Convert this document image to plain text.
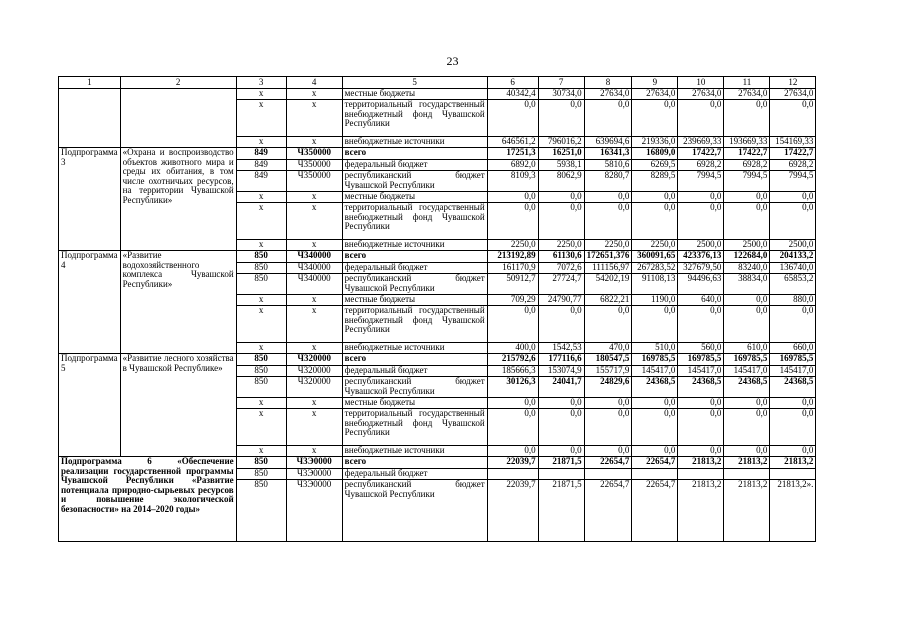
23
1	2	3	4	5	6	7	8	9	10	11	12
		х	х	местные бюджеты	40342,4	30734,0	27634,0	27634,0	27634,0	27634,0	27634,0
		х	х	территориальный государственный внебюджетный фонд Чувашской Республики	0,0	0,0	0,0	0,0	0,0	0,0	0,0
		х	х	внебюджетные источники	646561,2	796016,2	639694,6	219336,0	239669,33	193669,33	154169,33
Подпрограмма 3	«Охрана и воспроизводство объектов животного мира и среды их обитания, в том числе охотничьих ресурсов, на территории Чувашской Республики»	849	Ч350000	всего	17251,3	16251,0	16341,3	16809,0	17422,7	17422,7	17422,7
		849	Ч350000	федеральный бюджет	6892,0	5938,1	5810,6	6269,5	6928,2	6928,2	6928,2
		849	Ч350000	республиканский бюджет Чувашской Республики	8109,3	8062,9	8280,7	8289,5	7994,5	7994,5	7994,5
		х	х	местные бюджеты	0,0	0,0	0,0	0,0	0,0	0,0	0,0
		х	х	территориальный государственный внебюджетный фонд Чувашской Республики	0,0	0,0	0,0	0,0	0,0	0,0	0,0
		х	х	внебюджетные источники	2250,0	2250,0	2250,0	2250,0	2500,0	2500,0	2500,0
Подпрограмма 4	«Развитие водохозяйственного комплекса Чувашской Республики»	850	Ч340000	всего	213192,89	61130,6	172651,376	360091,65	423376,13	122684,0	204133,2
		850	Ч340000	федеральный бюджет	161170,9	7072,6	111156,97	267283,52	327679,50	83240,0	136740,0
		850	Ч340000	республиканский бюджет Чувашской Республики	50912,7	27724,7	54202,19	91108,13	94496,63	38834,0	65853,2
		х	х	местные бюджеты	709,29	24790,77	6822,21	1190,0	640,0	0,0	880,0
		х	х	территориальный государственный внебюджетный фонд Чувашской Республики	0,0	0,0	0,0	0,0	0,0	0,0	0,0
		х	х	внебюджетные источники	400,0	1542,53	470,0	510,0	560,0	610,0	660,0
Подпрограмма 5	«Развитие лесного хозяйства в Чувашской Республике»	850	Ч320000	всего	215792,6	177116,6	180547,5	169785,5	169785,5	169785,5	169785,5
		850	Ч320000	федеральный бюджет	185666,3	153074,9	155717,9	145417,0	145417,0	145417,0	145417,0
		850	Ч320000	республиканский бюджет Чувашской Республики	30126,3	24041,7	24829,6	24368,5	24368,5	24368,5	24368,5
		х	х	местные бюджеты	0,0	0,0	0,0	0,0	0,0	0,0	0,0
		х	х	территориальный государственный внебюджетный фонд Чувашской Республики	0,0	0,0	0,0	0,0	0,0	0,0	0,0
		х	х	внебюджетные источники	0,0	0,0	0,0	0,0	0,0	0,0	0,0
Подпрограмма 6 «Обеспечение реализации государственной программы Чувашской Республики «Развитие потенциала природно-сырьевых ресурсов и повышение экологической безопасности» на 2014–2020 годы»		850	Ч3Э0000	всего	22039,7	21871,5	22654,7	22654,7	21813,2	21813,2	21813,2
		850	Ч3Э0000	федеральный бюджет							
		850	Ч3Э0000	республиканский бюджет Чувашской Республики	22039,7	21871,5	22654,7	22654,7	21813,2	21813,2	21813,2».
